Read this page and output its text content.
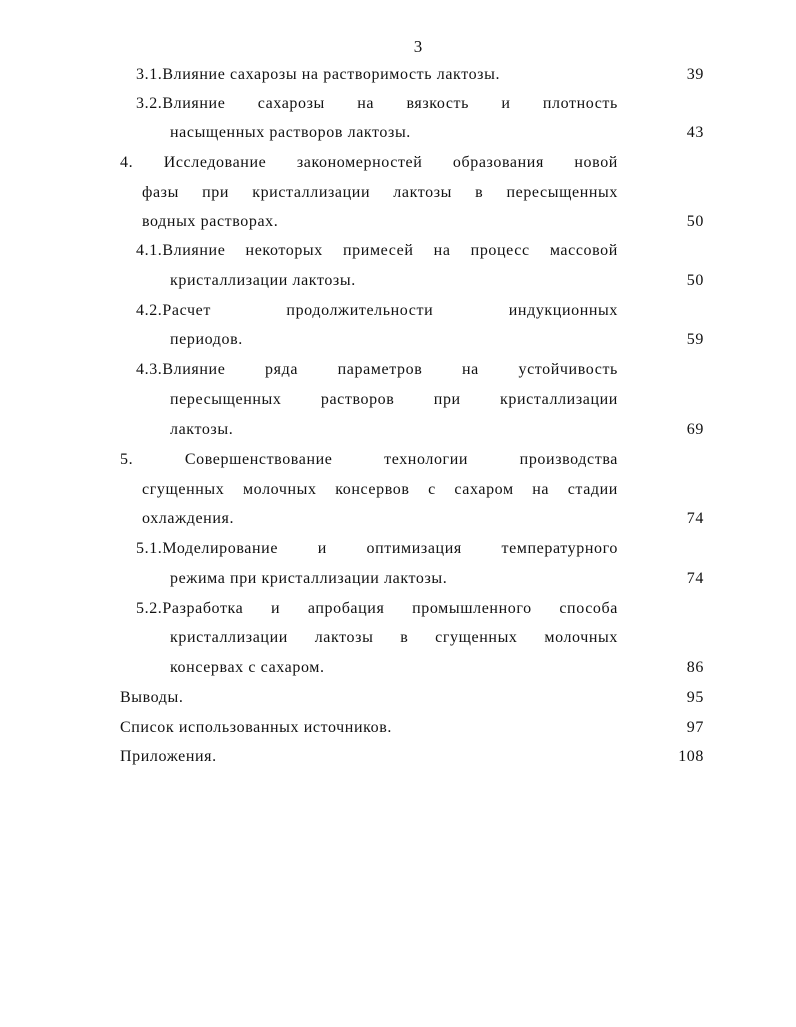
3
3.1.Влияние сахарозы на растворимость лактозы.	39
3.2.Влияние сахарозы на вязкость и плотность
насыщенных растворов лактозы.	43
4. Исследование закономерностей образования новой
фазы при кристаллизации лактозы в пересыщенных
водных растворах.	50
4.1.Влияние некоторых примесей на процесс массовой
кристаллизации лактозы.	50
4.2.Расчет	продолжительности	индукционных
периодов.	59
4.3.Влияние ряда параметров на устойчивость
пересыщенных растворов при кристаллизации
лактозы.	69
5.	Совершенствование	технологии	производства
сгущенных молочных консервов с сахаром на стадии
охлаждения.	74
5.1.Моделирование и оптимизация температурного
режима при кристаллизации лактозы.	74
5.2.Разработка и апробация промышленного способа
кристаллизации лактозы в сгущенных молочных
консервах с сахаром.	86
Выводы.	95
Список использованных источников.	97
Приложения.	108
